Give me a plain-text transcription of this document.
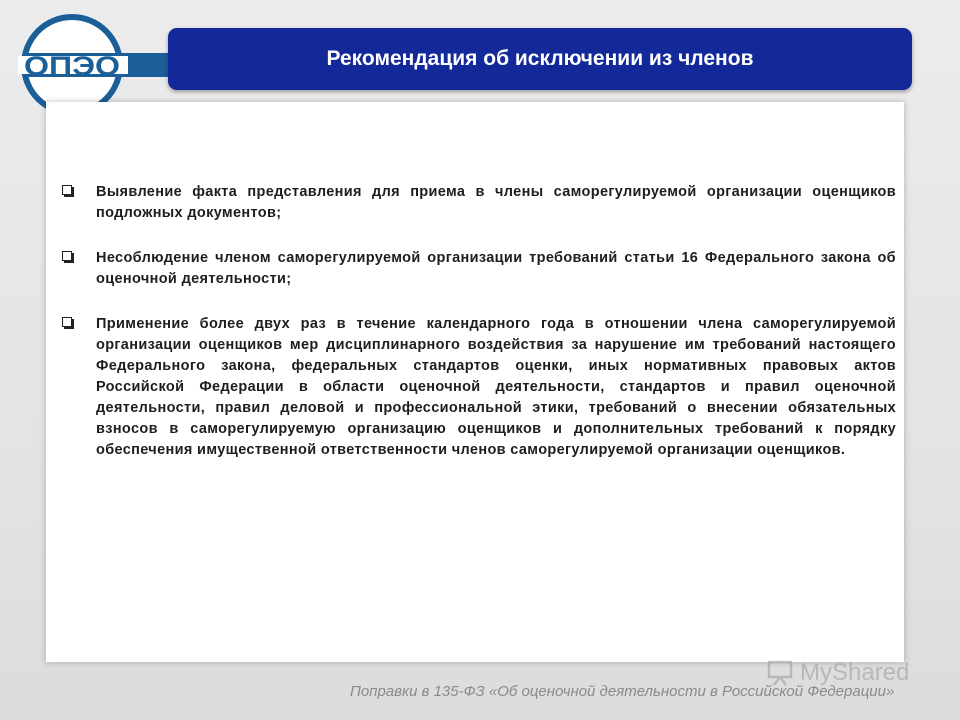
ОПЭО	Рекомендация об исключении из членов
Выявление факта представления для приема в члены саморегулируемой организации оценщиков подложных документов;
Несоблюдение членом саморегулируемой организации требований статьи 16 Федерального закона об оценочной деятельности;
Применение более двух раз в течение календарного года в отношении члена саморегулируемой организации оценщиков мер дисциплинарного воздействия за нарушение им требований настоящего Федерального закона, федеральных стандартов оценки, иных нормативных правовых актов Российской Федерации в области оценочной деятельности, стандартов и правил оценочной деятельности, правил деловой и профессиональной этики, требований о внесении обязательных взносов в саморегулируемую организацию оценщиков и дополнительных требований к порядку обеспечения имущественной ответственности членов саморегулируемой организации оценщиков.
Поправки в 135-ФЗ «Об оценочной деятельности в Российской Федерации»
MyShared
